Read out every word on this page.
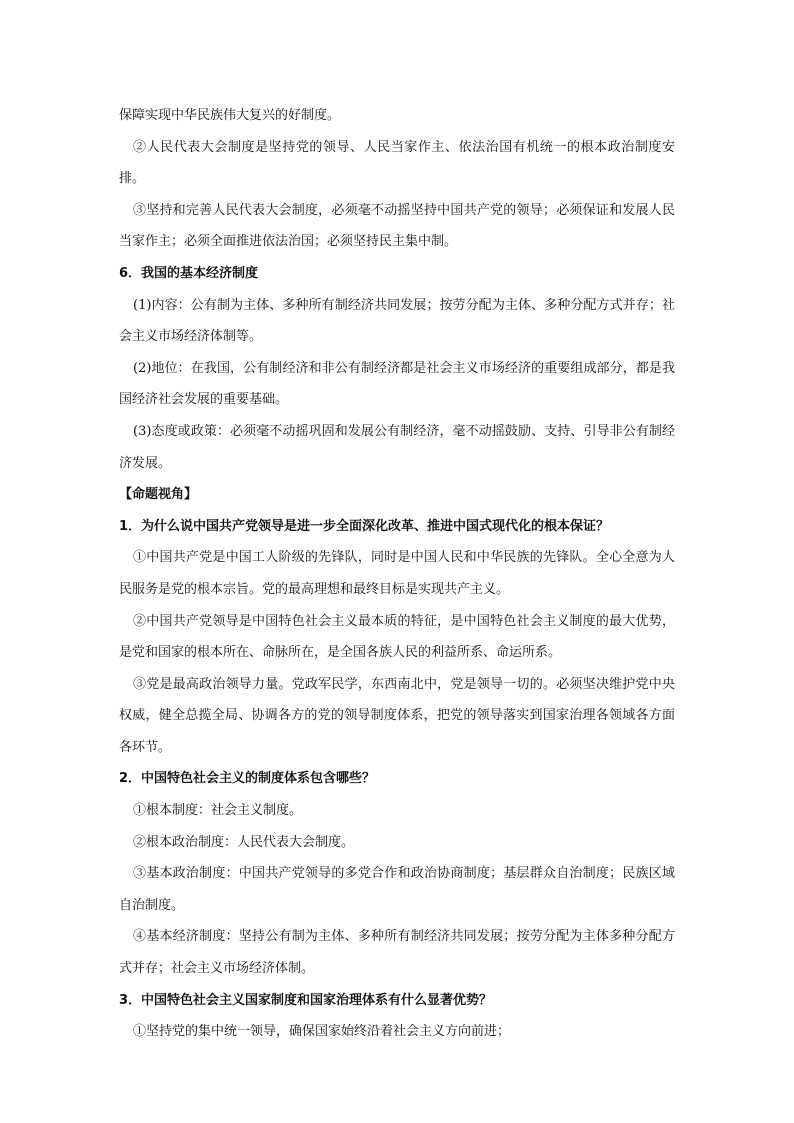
保障实现中华民族伟大复兴的好制度。

②人民代表大会制度是坚持党的领导、人民当家作主、依法治国有机统一的根本政治制度安排。

③坚持和完善人民代表大会制度，必须毫不动摇坚持中国共产党的领导；必须保证和发展人民当家作主；必须全面推进依法治国；必须坚持民主集中制。

6．我国的基本经济制度

(1)内容：公有制为主体、多种所有制经济共同发展；按劳分配为主体、多种分配方式并存；社会主义市场经济体制等。

(2)地位：在我国，公有制经济和非公有制经济都是社会主义市场经济的重要组成部分，都是我国经济社会发展的重要基础。

(3)态度或政策：必须毫不动摇巩固和发展公有制经济，毫不动摇鼓励、支持、引导非公有制经济发展。

【命题视角】

1．为什么说中国共产党领导是进一步全面深化改革、推进中国式现代化的根本保证？

①中国共产党是中国工人阶级的先锋队，同时是中国人民和中华民族的先锋队。全心全意为人民服务是党的根本宗旨。党的最高理想和最终目标是实现共产主义。

②中国共产党领导是中国特色社会主义最本质的特征，是中国特色社会主义制度的最大优势，是党和国家的根本所在、命脉所在，是全国各族人民的利益所系、命运所系。

③党是最高政治领导力量。党政军民学，东西南北中，党是领导一切的。必须坚决维护党中央权威，健全总揽全局、协调各方的党的领导制度体系，把党的领导落实到国家治理各领域各方面各环节。

2．中国特色社会主义的制度体系包含哪些？

①根本制度：社会主义制度。

②根本政治制度：人民代表大会制度。

③基本政治制度：中国共产党领导的多党合作和政治协商制度；基层群众自治制度；民族区域自治制度。

④基本经济制度：坚持公有制为主体、多种所有制经济共同发展；按劳分配为主体多种分配方式并存；社会主义市场经济体制。

3．中国特色社会主义国家制度和国家治理体系有什么显著优势？

①坚持党的集中统一领导，确保国家始终沿着社会主义方向前进；
